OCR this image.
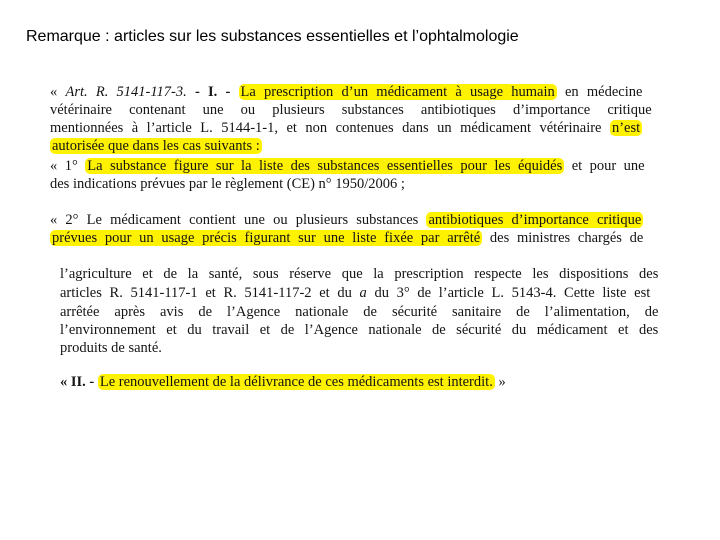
Remarque : articles sur les substances essentielles et l’ophtalmologie
« Art. R. 5141-117-3. - I. - La prescription d’un médicament à usage humain en médecine
vétérinaire contenant une ou plusieurs substances antibiotiques d’importance critique
mentionnées à l’article L. 5144-1-1, et non contenues dans un médicament vétérinaire n’est
autorisée que dans les cas suivants :
« 1° La substance figure sur la liste des substances essentielles pour les équidés et pour une
des indications prévues par le règlement (CE) n° 1950/2006 ;
« 2° Le médicament contient une ou plusieurs substances antibiotiques d’importance critique
prévues pour un usage précis figurant sur une liste fixée par arrêté des ministres chargés de
l’agriculture et de la santé, sous réserve que la prescription respecte les dispositions des
articles R. 5141-117-1 et R. 5141-117-2 et du a du 3° de l’article L. 5143-4. Cette liste est
arrêtée après avis de l’Agence nationale de sécurité sanitaire de l’alimentation, de
l’environnement et du travail et de l’Agence nationale de sécurité du médicament et des
produits de santé.
« II. - Le renouvellement de la délivrance de ces médicaments est interdit. »
